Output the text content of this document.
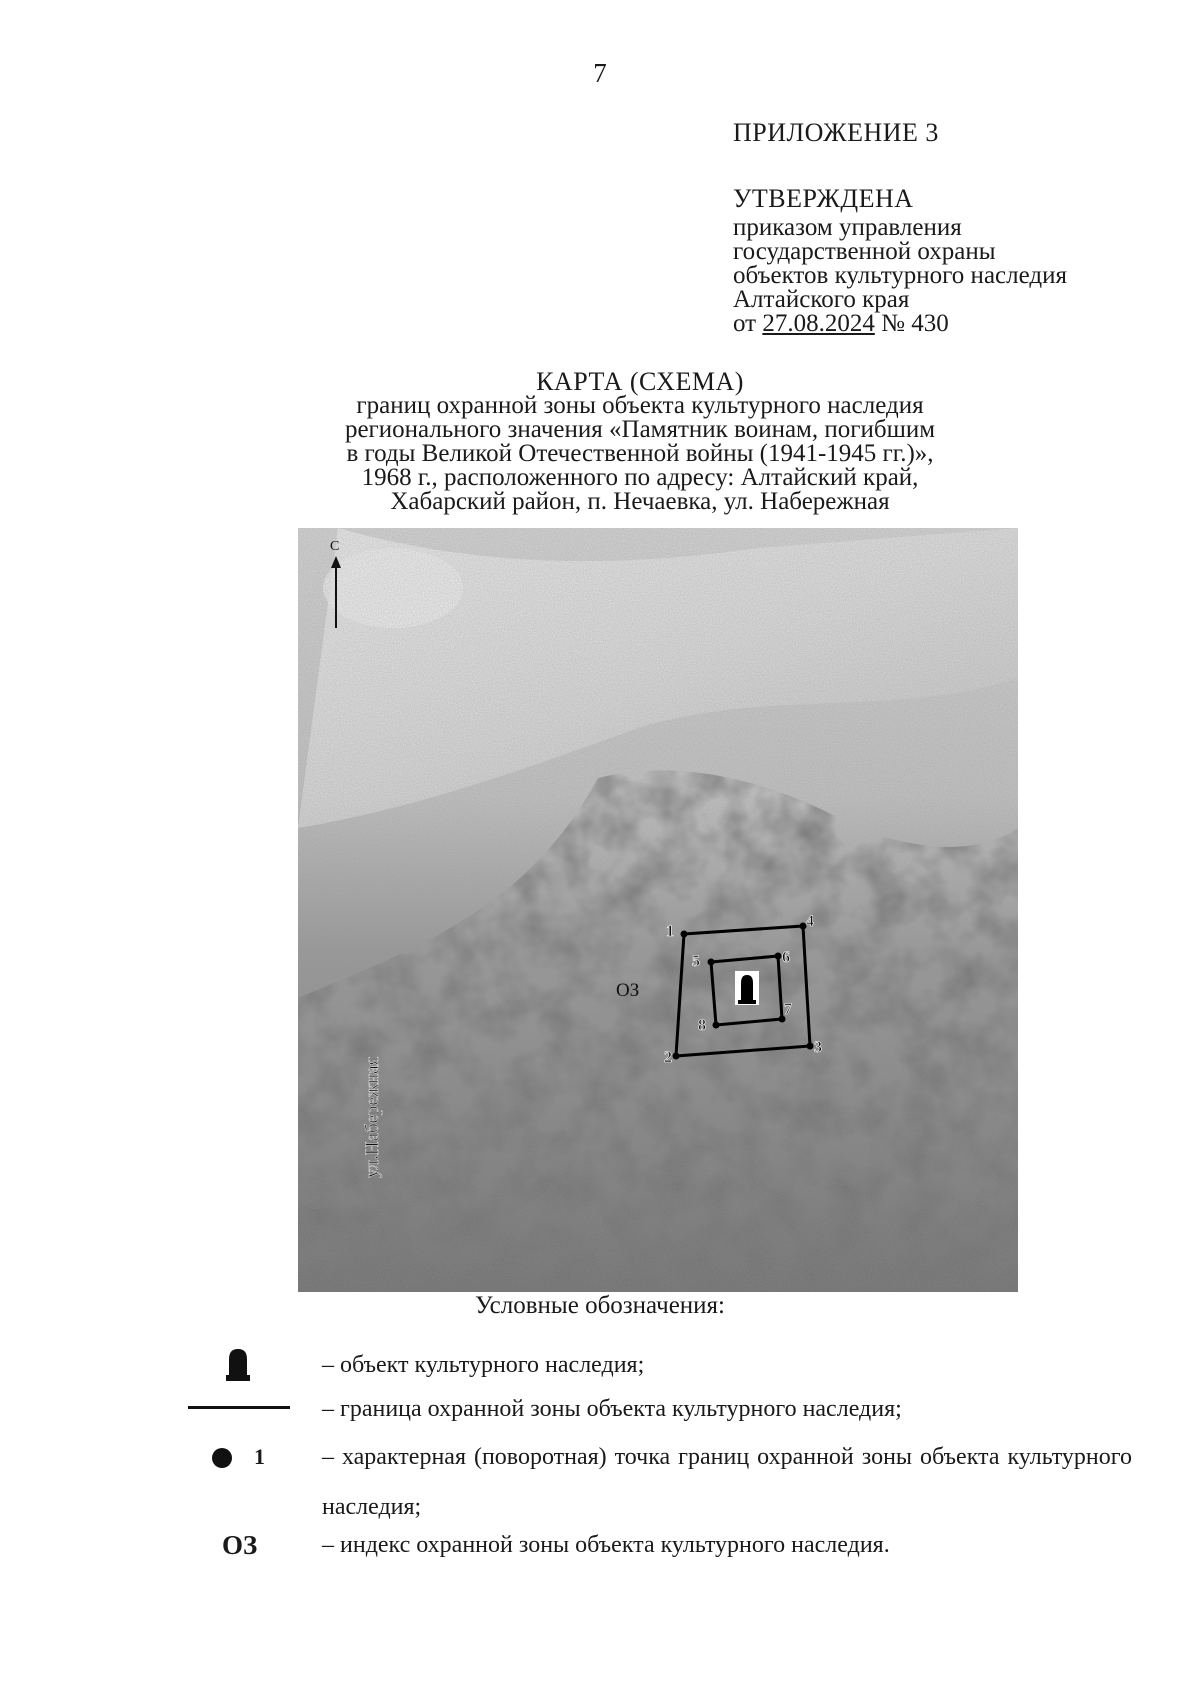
7
ПРИЛОЖЕНИЕ 3
УТВЕРЖДЕНА
приказом управления
государственной охраны
объектов культурного наследия
Алтайского края
от 27.08.2024 № 430
КАРТА (СХЕМА)
границ охранной зоны объекта культурного наследия
регионального значения «Памятник воинам, погибшим
в годы Великой Отечественной войны (1941-1945 гг.)»,
1968 г., расположенного по адресу: Алтайский край,
Хабарский район, п. Нечаевка, ул. Набережная
С
ул.Набережная
ОЗ
1
4
3
2
5	6
7
8
Условные обозначения:
– объект культурного наследия;
– граница охранной зоны объекта культурного наследия;
1 – характерная (поворотная) точка границ охранной зоны объекта культурного наследия;
ОЗ	– индекс охранной зоны объекта культурного наследия.
